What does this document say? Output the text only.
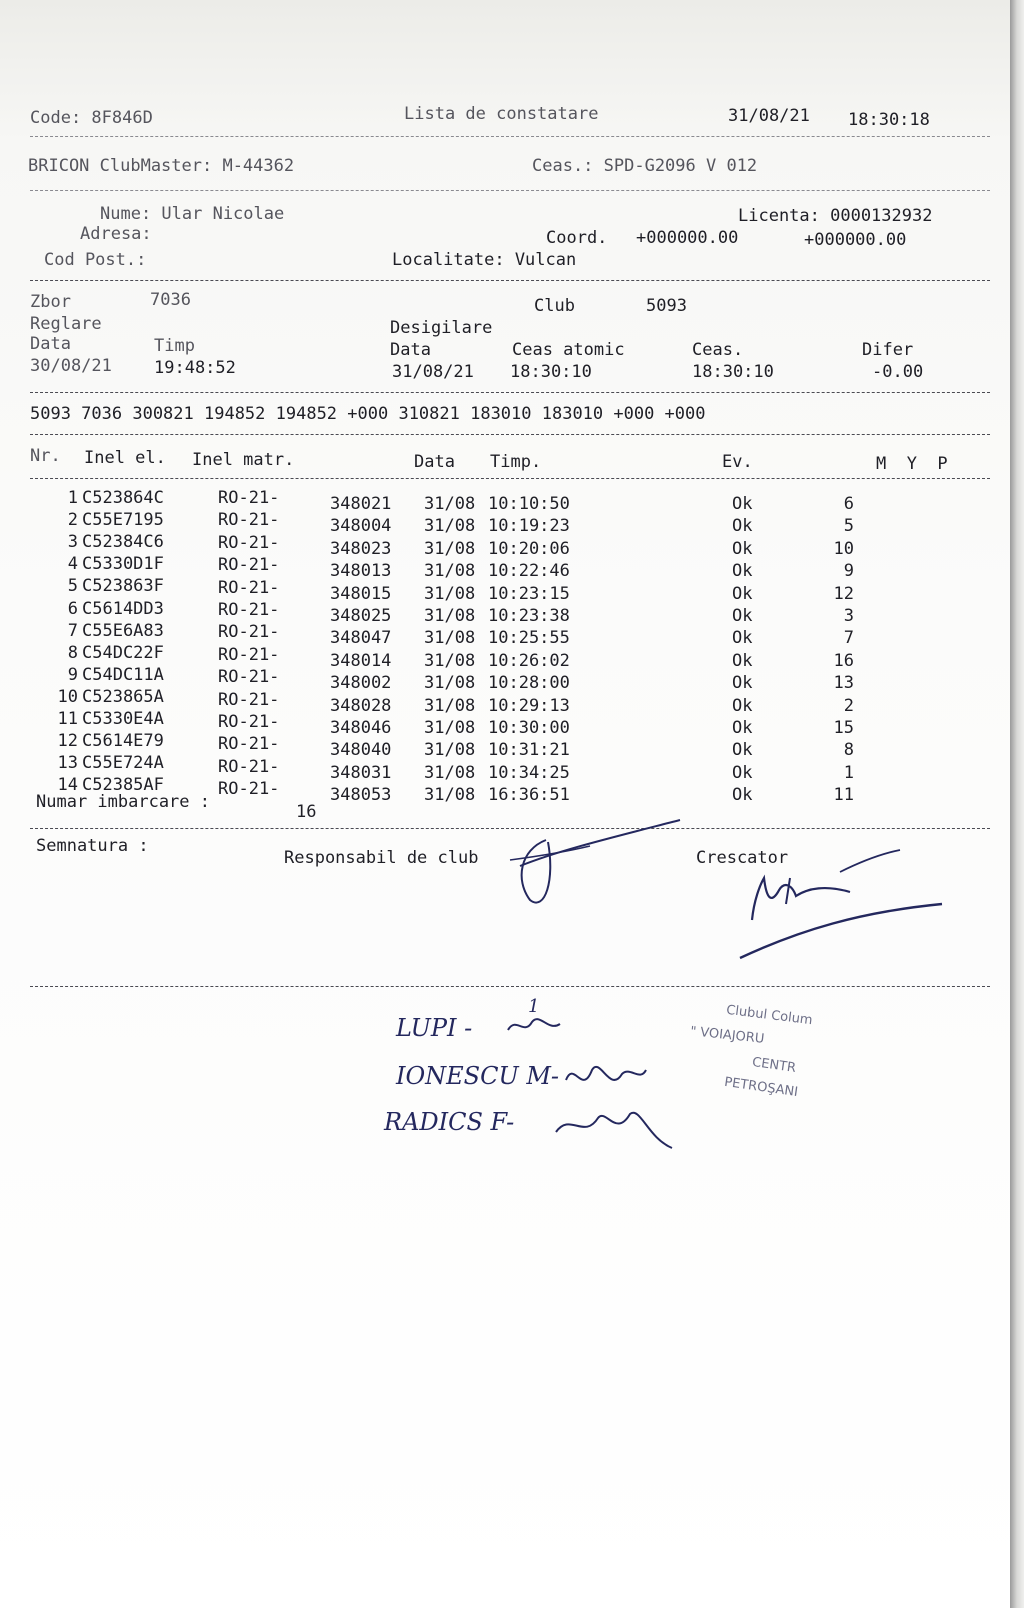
Code: 8F846D	Lista de constatare	31/08/21 18:30:18
BRICON ClubMaster: M-44362	Ceas.: SPD-G2096 V 012
Nume: Ular Nicolae	Licenta: 0000132932
Adresa:	Coord. +000000.00	+000000.00
Cod Post.:	Localitate: Vulcan
Zbor	7036	Club	5093
Reglare	Desigilare
Data	Timp	Data	Ceas atomic	Ceas.	Difer
30/08/21 19:48:52	31/08/21 18:30:10	18:30:10	-0.00
5093 7036 300821 194852 194852 +000 310821 183010 183010 +000 +000
Nr. Inel el. Inel matr.	Data Timp.	Ev.	M  Y  P
1 C523864C	RO-21-	348021 31/08 10:10:50	Ok	6
2 C55E7195	RO-21-	348004 31/08 10:19:23	Ok	5
3 C52384C6	RO-21-	348023 31/08 10:20:06	Ok	10
4 C5330D1F	RO-21-	348013 31/08 10:22:46	Ok	9
5 C523863F	RO-21-	348015 31/08 10:23:15	Ok	12
6 C5614DD3	RO-21-	348025 31/08 10:23:38	Ok	3
7 C55E6A83	RO-21-	348047 31/08 10:25:55	Ok	7
8 C54DC22F	RO-21-	348014 31/08 10:26:02	Ok	16
9 C54DC11A	RO-21-	348002 31/08 10:28:00	Ok	13
10 C523865A	RO-21-	348028 31/08 10:29:13	Ok	2
11 C5330E4A	RO-21-	348046 31/08 10:30:00	Ok	15
12 C5614E79	RO-21-	348040 31/08 10:31:21	Ok	8
13 C55E724A	RO-21-	348031 31/08 10:34:25	Ok	1
14 C52385AF	RO-21-	348053 31/08 16:36:51	Ok	11
Numar imbarcare :	16
Semnatura :
Responsabil de club	Crescator
1
LUPI -
IONESCU M-
RADICS F-
Clubul Colum
" VOIAJORU
CENTR
PETROŞANI
